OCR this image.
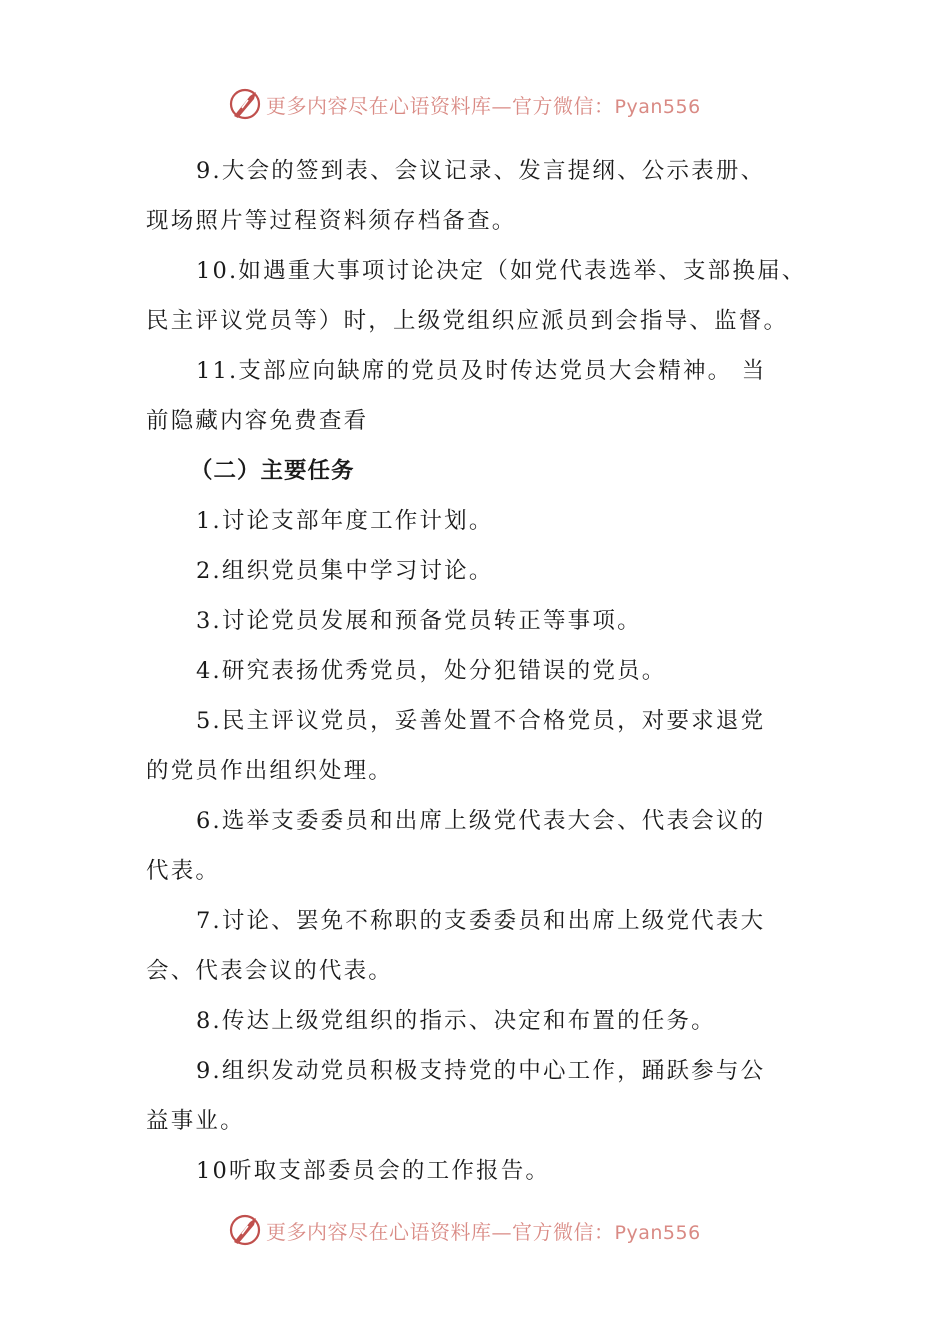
更多内容尽在心语资料库—官方微信：Pyan556

9.大会的签到表、会议记录、发言提纲、公示表册、

现场照片等过程资料须存档备查。

10.如遇重大事项讨论决定（如党代表选举、支部换届、

民主评议党员等）时，上级党组织应派员到会指导、监督。

11.支部应向缺席的党员及时传达党员大会精神。 当

前隐藏内容免费查看

（二）主要任务

1.讨论支部年度工作计划。

2.组织党员集中学习讨论。

3.讨论党员发展和预备党员转正等事项。

4.研究表扬优秀党员，处分犯错误的党员。

5.民主评议党员，妥善处置不合格党员，对要求退党

的党员作出组织处理。

6.选举支委委员和出席上级党代表大会、代表会议的

代表。

7.讨论、罢免不称职的支委委员和出席上级党代表大

会、代表会议的代表。

8.传达上级党组织的指示、决定和布置的任务。

9.组织发动党员积极支持党的中心工作，踊跃参与公

益事业。

10听取支部委员会的工作报告。

更多内容尽在心语资料库—官方微信：Pyan556
